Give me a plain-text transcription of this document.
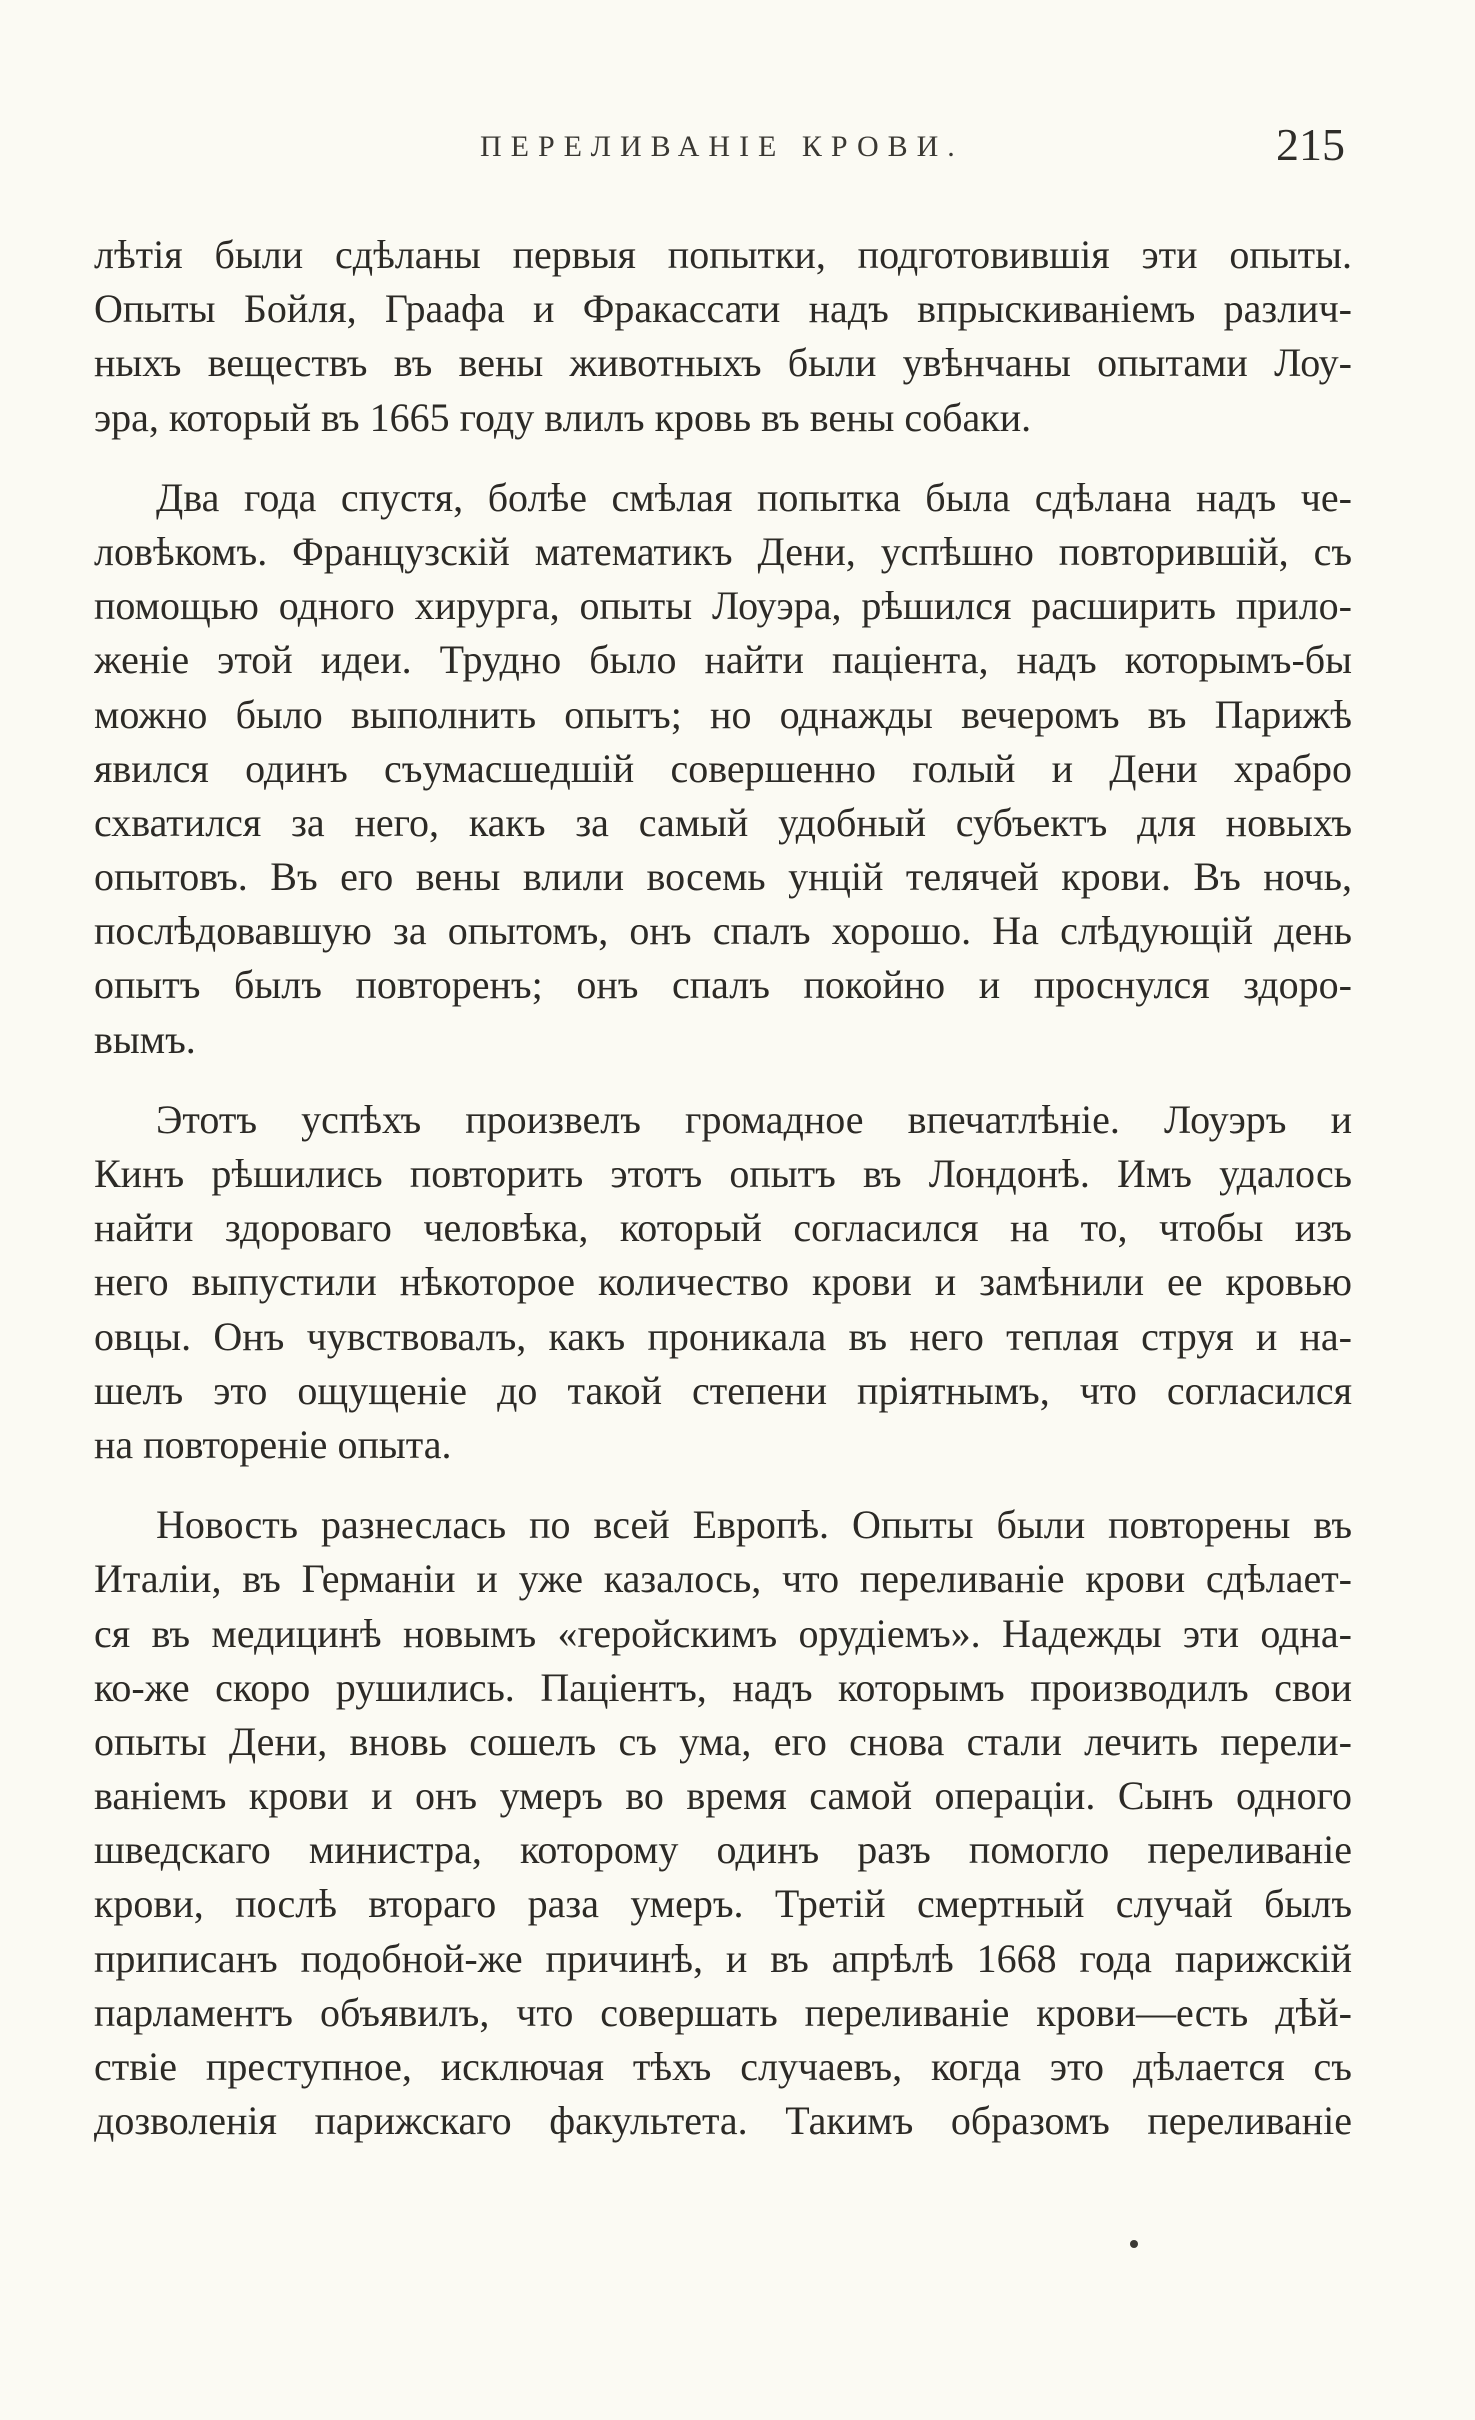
ПЕРЕЛИВАНІЕ КРОВИ.	215
лѣтія были сдѣланы первыя попытки, подготовившія эти опыты.
Опыты Бойля, Граафа и Фракассати надъ впрыскиваніемъ различ-
ныхъ веществъ въ вены животныхъ были увѣнчаны опытами Лоу-
эра, который въ 1665 году влилъ кровь въ вены собаки.
Два года спустя, болѣе смѣлая попытка была сдѣлана надъ че-
ловѣкомъ. Французскій математикъ Дени, успѣшно повторившій, съ
помощью одного хирурга, опыты Лоуэра, рѣшился расширить прило-
женіе этой идеи. Трудно было найти паціента, надъ которымъ-бы
можно было выполнить опытъ; но однажды вечеромъ въ Парижѣ
явился одинъ съумасшедшій совершенно голый и Дени храбро
схватился за него, какъ за самый удобный субъектъ для новыхъ
опытовъ. Въ его вены влили восемь унцій телячей крови. Въ ночь,
послѣдовавшую за опытомъ, онъ спалъ хорошо. На слѣдующій день
опытъ былъ повторенъ; онъ спалъ покойно и проснулся здоро-
вымъ.
Этотъ успѣхъ произвелъ громадное впечатлѣніе. Лоуэръ и
Кинъ рѣшились повторить этотъ опытъ въ Лондонѣ. Имъ удалось
найти здороваго человѣка, который согласился на то, чтобы изъ
него выпустили нѣкоторое количество крови и замѣнили ее кровью
овцы. Онъ чувствовалъ, какъ проникала въ него теплая струя и на-
шелъ это ощущеніе до такой степени пріятнымъ, что согласился
на повтореніе опыта.
Новость разнеслась по всей Европѣ. Опыты были повторены въ
Италіи, въ Германіи и уже казалось, что переливаніе крови сдѣлает-
ся въ медицинѣ новымъ «геройскимъ орудіемъ». Надежды эти одна-
ко-же скоро рушились. Паціентъ, надъ которымъ производилъ свои
опыты Дени, вновь сошелъ съ ума, его снова стали лечить перели-
ваніемъ крови и онъ умеръ во время самой операціи. Сынъ одного
шведскаго министра, которому одинъ разъ помогло переливаніе
крови, послѣ втораго раза умеръ. Третій смертный случай былъ
приписанъ подобной-же причинѣ, и въ апрѣлѣ 1668 года парижскій
парламентъ объявилъ, что совершать переливаніе крови—есть дѣй-
ствіе преступное, исключая тѣхъ случаевъ, когда это дѣлается съ
дозволенія парижскаго факультета. Такимъ образомъ переливаніе
